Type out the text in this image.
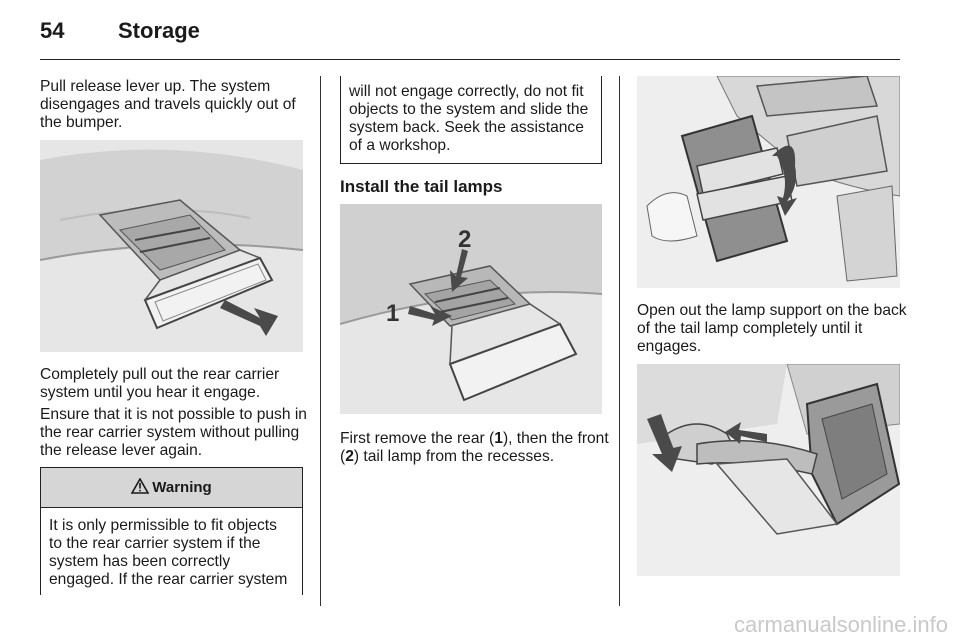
54 Storage
Pull release lever up. The system disengages and travels quickly out of the bumper.
Completely pull out the rear carrier system until you hear it engage.
Ensure that it is not possible to push in the rear carrier system without pulling the release lever again.
Warning
It is only permissible to fit objects to the rear carrier system if the system has been correctly engaged. If the rear carrier system
will not engage correctly, do not fit objects to the system and slide the system back. Seek the assistance of a workshop.
Install the tail lamps
2
1
First remove the rear (1), then the front (2) tail lamp from the recesses.
Open out the lamp support on the back of the tail lamp completely until it engages.
carmanualsonline.info
